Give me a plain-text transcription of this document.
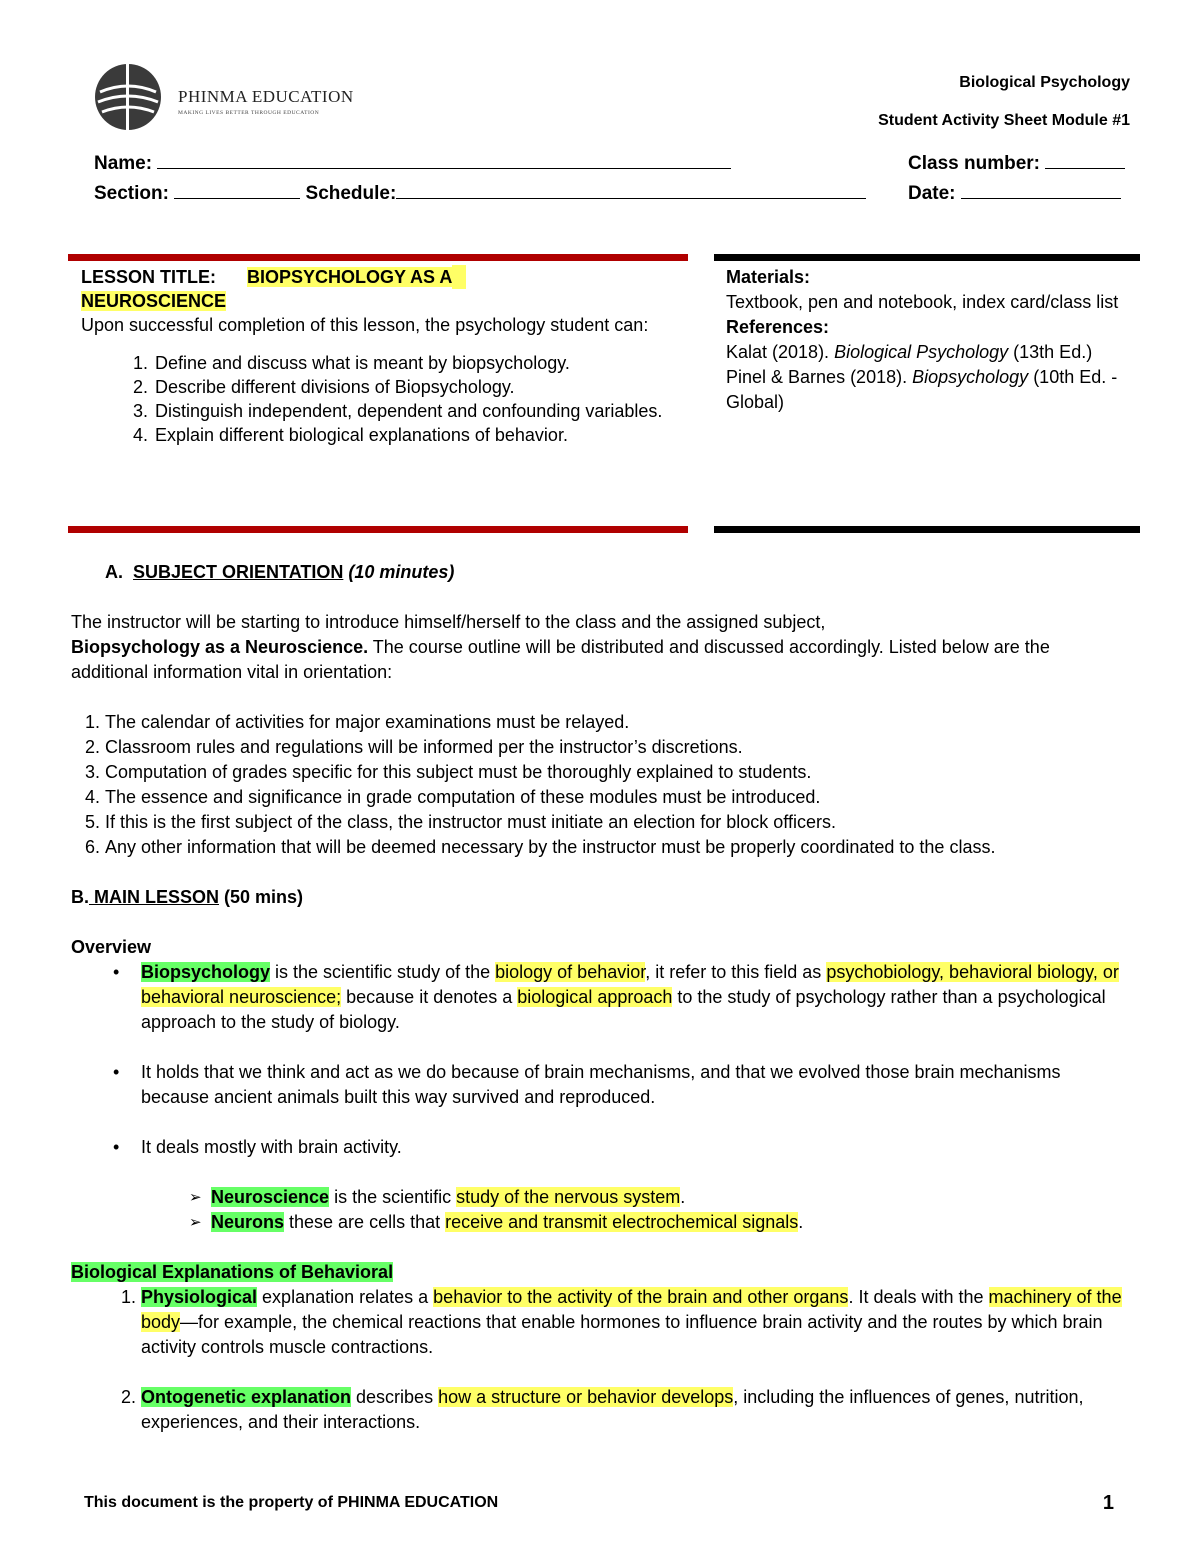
PHINMA EDUCATION
MAKING LIVES BETTER THROUGH EDUCATION
Biological Psychology
Student Activity Sheet Module #1
Name:	Class number:
Section:	Schedule:	Date:
LESSON TITLE: BIOPSYCHOLOGY AS A
NEUROSCIENCE
Upon successful completion of this lesson, the psychology student can:
1. Define and discuss what is meant by biopsychology.
2. Describe different divisions of Biopsychology.
3. Distinguish independent, dependent and confounding variables.
4. Explain different biological explanations of behavior.
Materials:
Textbook, pen and notebook, index card/class list
References:
Kalat (2018). Biological Psychology (13th Ed.)
Pinel & Barnes (2018). Biopsychology (10th Ed. - Global)

A. SUBJECT ORIENTATION (10 minutes)

The instructor will be starting to introduce himself/herself to the class and the assigned subject,
Biopsychology as a Neuroscience. The course outline will be distributed and discussed accordingly. Listed below are the additional information vital in orientation:

1. The calendar of activities for major examinations must be relayed.
2. Classroom rules and regulations will be informed per the instructor’s discretions.
3. Computation of grades specific for this subject must be thoroughly explained to students.
4. The essence and significance in grade computation of these modules must be introduced.
5. If this is the first subject of the class, the instructor must initiate an election for block officers.
6. Any other information that will be deemed necessary by the instructor must be properly coordinated to the class.

B. MAIN LESSON (50 mins)

Overview

• Biopsychology is the scientific study of the biology of behavior, it refer to this field as psychobiology, behavioral biology, or behavioral neuroscience; because it denotes a biological approach to the study of psychology rather than a psychological approach to the study of biology.
• It holds that we think and act as we do because of brain mechanisms, and that we evolved those brain mechanisms because ancient animals built this way survived and reproduced.
• It deals mostly with brain activity.
➢ Neuroscience is the scientific study of the nervous system.
➢ Neurons these are cells that receive and transmit electrochemical signals.

Biological Explanations of Behavioral

1. Physiological explanation relates a behavior to the activity of the brain and other organs. It deals with the machinery of the body—for example, the chemical reactions that enable hormones to influence brain activity and the routes by which brain activity controls muscle contractions.
2. Ontogenetic explanation describes how a structure or behavior develops, including the influences of genes, nutrition, experiences, and their interactions.
This document is the property of PHINMA EDUCATION	1
